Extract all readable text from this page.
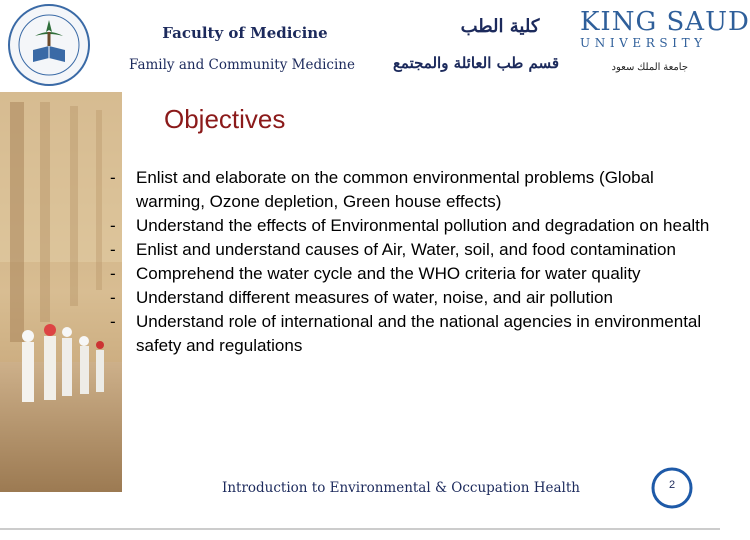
Faculty of Medicine
Family and Community Medicine
كلية الطب
قسم طب العائلة والمجتمع
KING SAUD
UNIVERSITY
جامعة الملك سعود
Objectives
- Enlist and elaborate on the common environmental problems (Global warming, Ozone depletion, Green house effects)
- Understand the effects of Environmental pollution and degradation on health
- Enlist and understand causes of Air, Water, soil, and food contamination
- Comprehend the water cycle and the WHO criteria for water quality
- Understand different measures of water, noise, and air pollution
- Understand role of international and the national agencies in environmental safety and regulations
Introduction to Environmental & Occupation Health	2
